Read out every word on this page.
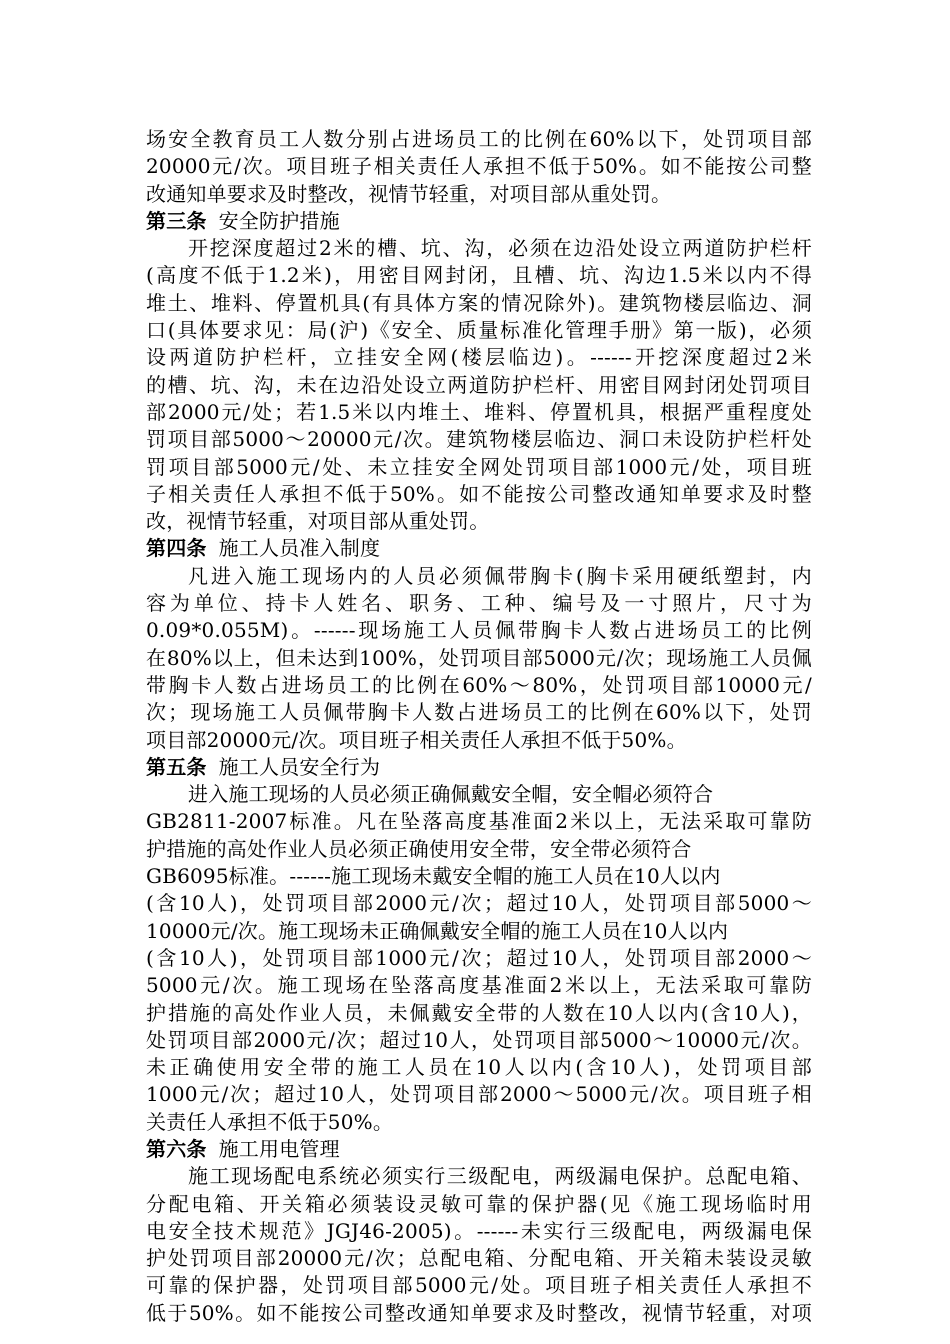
场安全教育员工人数分别占进场员工的比例在60%以下，处罚项目部
20000元/次。项目班子相关责任人承担不低于50%。如不能按公司整
改通知单要求及时整改，视情节轻重，对项目部从重处罚。
第三条 安全防护措施
开挖深度超过2米的槽、坑、沟，必须在边沿处设立两道防护栏杆
(高度不低于1.2米)，用密目网封闭，且槽、坑、沟边1.5米以内不得
堆土、堆料、停置机具(有具体方案的情况除外)。建筑物楼层临边、洞
口(具体要求见：局(沪)《安全、质量标准化管理手册》第一版)，必须
设两道防护栏杆，立挂安全网(楼层临边)。------开挖深度超过2米
的槽、坑、沟，未在边沿处设立两道防护栏杆、用密目网封闭处罚项目
部2000元/处；若1.5米以内堆土、堆料、停置机具，根据严重程度处
罚项目部5000～20000元/次。建筑物楼层临边、洞口未设防护栏杆处
罚项目部5000元/处、未立挂安全网处罚项目部1000元/处，项目班
子相关责任人承担不低于50%。如不能按公司整改通知单要求及时整
改，视情节轻重，对项目部从重处罚。
第四条 施工人员准入制度
凡进入施工现场内的人员必须佩带胸卡(胸卡采用硬纸塑封，内
容为单位、持卡人姓名、职务、工种、编号及一寸照片，尺寸为
0.09*0.055M)。------现场施工人员佩带胸卡人数占进场员工的比例
在80%以上，但未达到100%，处罚项目部5000元/次；现场施工人员佩
带胸卡人数占进场员工的比例在60%～80%，处罚项目部10000元/
次；现场施工人员佩带胸卡人数占进场员工的比例在60%以下，处罚
项目部20000元/次。项目班子相关责任人承担不低于50%。
第五条 施工人员安全行为
进入施工现场的人员必须正确佩戴安全帽，安全帽必须符合
GB2811-2007标准。凡在坠落高度基准面2米以上，无法采取可靠防
护措施的高处作业人员必须正确使用安全带，安全带必须符合
GB6095标准。------施工现场未戴安全帽的施工人员在10人以内
(含10人)，处罚项目部2000元/次；超过10人，处罚项目部5000～
10000元/次。施工现场未正确佩戴安全帽的施工人员在10人以内
(含10人)，处罚项目部1000元/次；超过10人，处罚项目部2000～
5000元/次。施工现场在坠落高度基准面2米以上，无法采取可靠防
护措施的高处作业人员，未佩戴安全带的人数在10人以内(含10人)，
处罚项目部2000元/次；超过10人，处罚项目部5000～10000元/次。
未正确使用安全带的施工人员在10人以内(含10人)，处罚项目部
1000元/次；超过10人，处罚项目部2000～5000元/次。项目班子相
关责任人承担不低于50%。
第六条 施工用电管理
施工现场配电系统必须实行三级配电，两级漏电保护。总配电箱、
分配电箱、开关箱必须装设灵敏可靠的保护器(见《施工现场临时用
电安全技术规范》JGJ46-2005)。------未实行三级配电，两级漏电保
护处罚项目部20000元/次；总配电箱、分配电箱、开关箱未装设灵敏
可靠的保护器，处罚项目部5000元/处。项目班子相关责任人承担不
低于50%。如不能按公司整改通知单要求及时整改，视情节轻重，对项
